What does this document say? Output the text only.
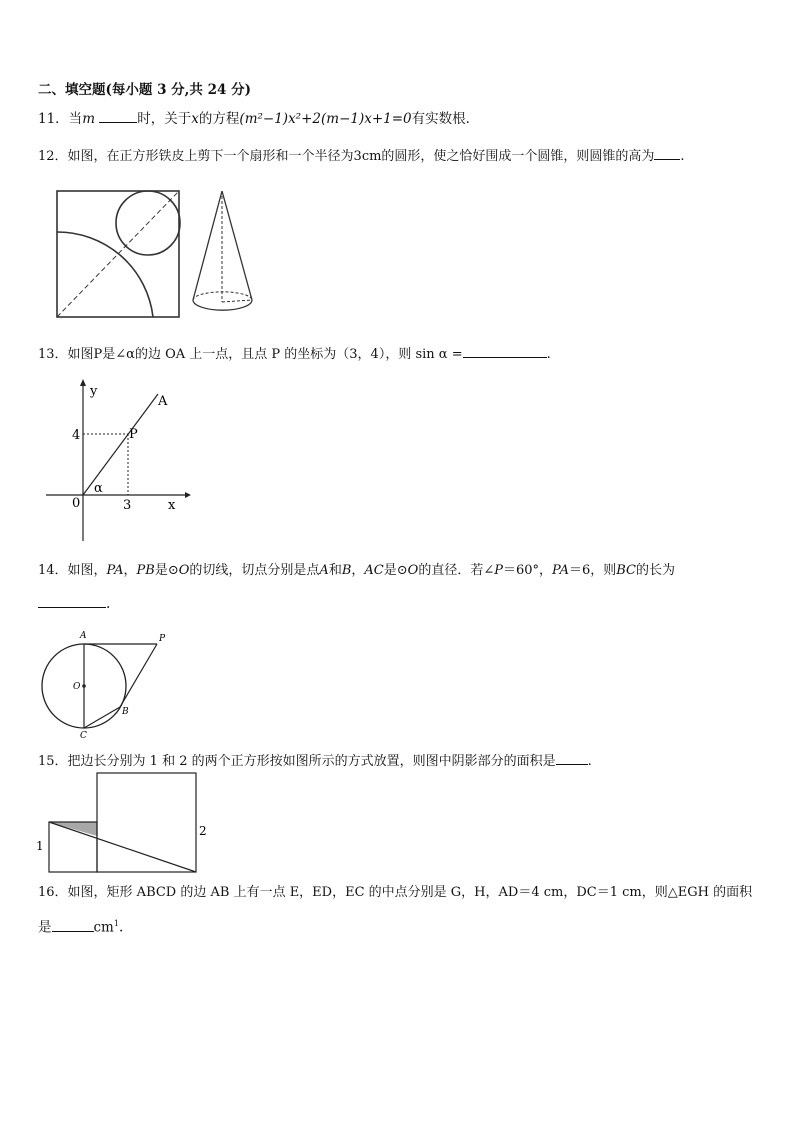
二、填空题(每小题 3 分,共 24 分)
11．当m	时，关于x的方程(m²−1)x²+2(m−1)x+1=0有实数根．
12．如图，在正方形铁皮上剪下一个扇形和一个半径为3cm的圆形，使之恰好围成一个圆锥，则圆锥的高为 .
13．如图P是∠α的边 OA 上一点，且点 P 的坐标为（3，4），则 sin α =	.
y
A
P
4
α
0	3	x
14．如图，PA，PB是⊙O的切线，切点分别是点A和B，AC是⊙O的直径．若∠P＝60°，PA＝6，则BC的长为
.
A	P
O
B
C
15．把边长分别为 1 和 2 的两个正方形按如图所示的方式放置，则图中阴影部分的面积是 .
1
2
16．如图，矩形 ABCD 的边 AB 上有一点 E，ED，EC 的中点分别是 G，H，AD＝4 cm，DC＝1 cm，则△EGH 的面积
是	$cm^1$.
